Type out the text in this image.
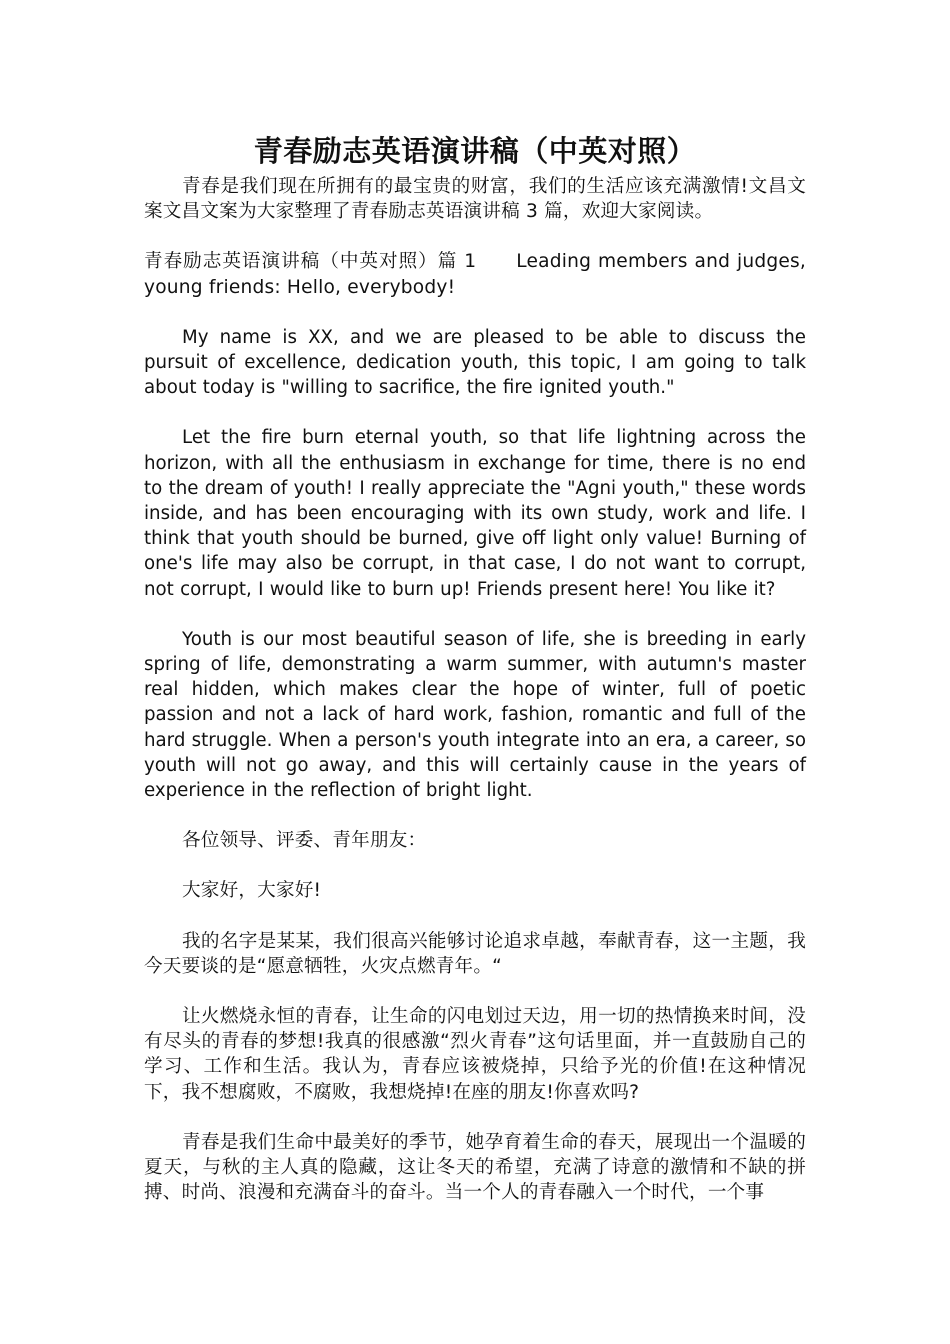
青春励志英语演讲稿（中英对照）

青春是我们现在所拥有的最宝贵的财富，我们的生活应该充满激情!文昌文案文昌文案为大家整理了青春励志英语演讲稿 3 篇，欢迎大家阅读。

青春励志英语演讲稿（中英对照）篇 1 Leading members and judges, young friends: Hello, everybody!

My name is XX, and we are pleased to be able to discuss the pursuit of excellence, dedication youth, this topic, I am going to talk about today is "willing to sacrifice, the fire ignited youth."

Let the fire burn eternal youth, so that life lightning across the horizon, with all the enthusiasm in exchange for time, there is no end to the dream of youth! I really appreciate the "Agni youth," these words inside, and has been encouraging with its own study, work and life. I think that youth should be burned, give off light only value! Burning of one's life may also be corrupt, in that case, I do not want to corrupt, not corrupt, I would like to burn up! Friends present here! You like it?

Youth is our most beautiful season of life, she is breeding in early spring of life, demonstrating a warm summer, with autumn's master real hidden, which makes clear the hope of winter, full of poetic passion and not a lack of hard work, fashion, romantic and full of the hard struggle. When a person's youth integrate into an era, a career, so youth will not go away, and this will certainly cause in the years of experience in the reflection of bright light.

各位领导、评委、青年朋友：

大家好，大家好!

我的名字是某某，我们很高兴能够讨论追求卓越，奉献青春，这一主题，我今天要谈的是“愿意牺牲，火灾点燃青年。“

让火燃烧永恒的青春，让生命的闪电划过天边，用一切的热情换来时间，没有尽头的青春的梦想!我真的很感激“烈火青春”这句话里面，并一直鼓励自己的学习、工作和生活。我认为，青春应该被烧掉，只给予光的价值!在这种情况下，我不想腐败，不腐败，我想烧掉!在座的朋友!你喜欢吗?

青春是我们生命中最美好的季节，她孕育着生命的春天，展现出一个温暖的夏天，与秋的主人真的隐藏，这让冬天的希望，充满了诗意的激情和不缺的拼搏、时尚、浪漫和充满奋斗的奋斗。当一个人的青春融入一个时代，一个事
